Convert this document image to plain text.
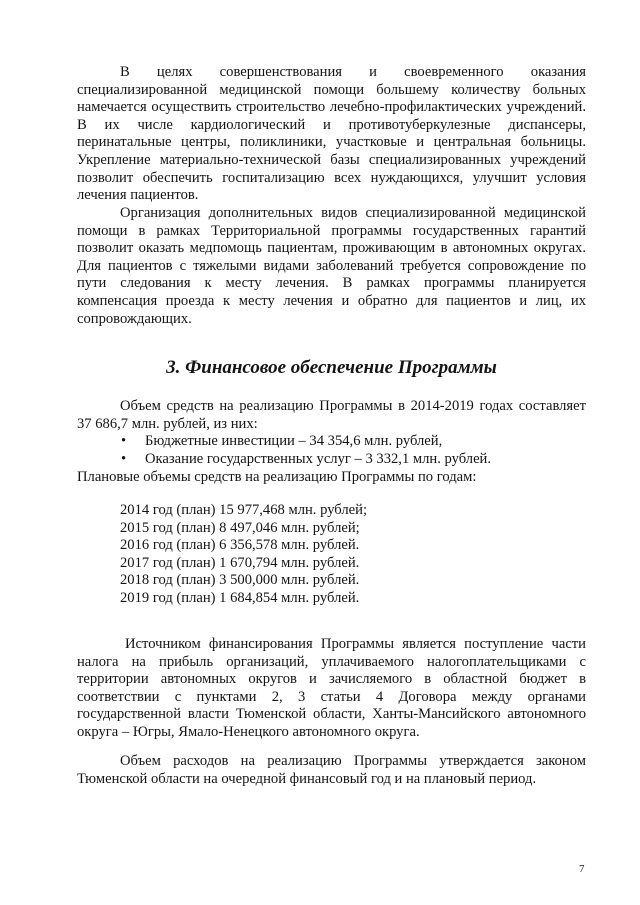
В целях совершенствования и своевременного оказания специализированной медицинской помощи большему количеству больных намечается осуществить строительство лечебно-профилактических учреждений. В их числе кардиологический и противотуберкулезные диспансеры, перинатальные центры, поликлиники, участковые и центральная больницы. Укрепление материально-технической базы специализированных учреждений позволит обеспечить госпитализацию всех нуждающихся, улучшит условия лечения пациентов.

Организация дополнительных видов специализированной медицинской помощи в рамках Территориальной программы государственных гарантий позволит оказать медпомощь пациентам, проживающим в автономных округах. Для пациентов с тяжелыми видами заболеваний требуется сопровождение по пути следования к месту лечения. В рамках программы планируется компенсация проезда к месту лечения и обратно для пациентов и лиц, их сопровождающих.

3. Финансовое обеспечение Программы

Объем средств на реализацию Программы в 2014-2019 годах составляет 37 686,7 млн. рублей, из них:

• Бюджетные инвестиции – 34 354,6 млн. рублей,
• Оказание государственных услуг – 3 332,1 млн. рублей.

Плановые объемы средств на реализацию Программы по годам:

2014 год (план) 15 977,468 млн. рублей;
2015 год (план) 8 497,046 млн. рублей;
2016 год (план) 6 356,578 млн. рублей.
2017 год (план) 1 670,794 млн. рублей.
2018 год (план) 3 500,000 млн. рублей.
2019 год (план) 1 684,854 млн. рублей.

Источником финансирования Программы является поступление части налога на прибыль организаций, уплачиваемого налогоплательщиками с территории автономных округов и зачисляемого в областной бюджет в соответствии с пунктами 2, 3 статьи 4 Договора между органами государственной власти Тюменской области, Ханты-Мансийского автономного округа – Югры, Ямало-Ненецкого автономного округа.

Объем расходов на реализацию Программы утверждается законом Тюменской области на очередной финансовый год и на плановый период.

7
